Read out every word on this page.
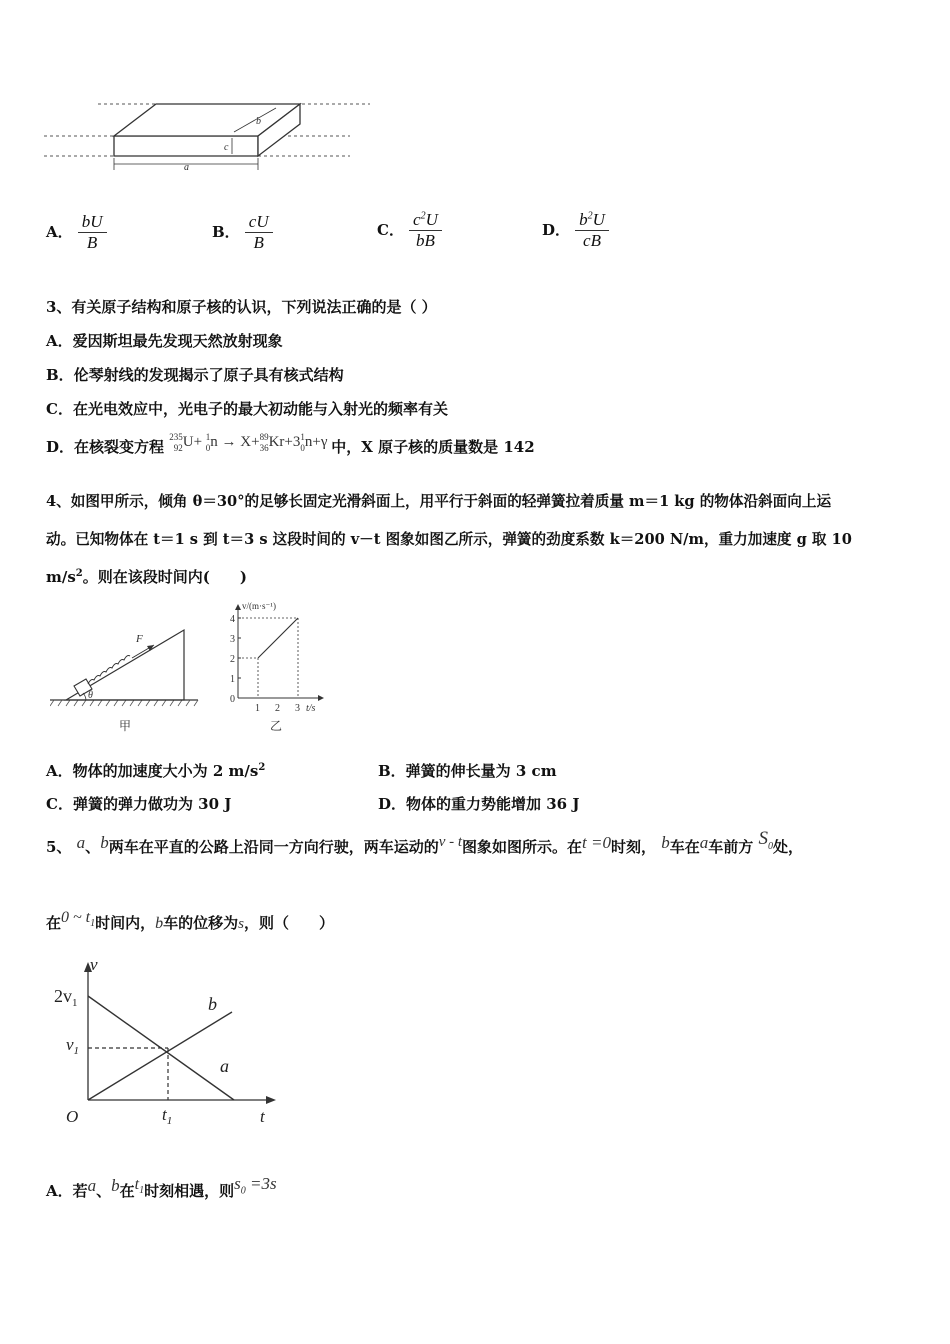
a
b
c
A． $\frac{bU}{B}$	B． $\frac{cU}{B}$	C． $\frac{c^2U}{bB}$	D． $\frac{b^2U}{cB}$
3、有关原子结构和原子核的认识，下列说法正确的是（ ）
A．爱因斯坦最先发现天然放射现象
B．伦琴射线的发现揭示了原子具有核式结构
C．在光电效应中，光电子的最大初动能与入射光的频率有关
D．在核裂变方程 235
92U+ 1
0n → X+89
36Kr+31
0n+γ 中，X 原子核的质量数是 142
4、如图甲所示，倾角 θ＝30°的足够长固定光滑斜面上，用平行于斜面的轻弹簧拉着质量 m＝1 kg 的物体沿斜面向上运
动。已知物体在 t＝1 s 到 t＝3 s 这段时间的 v－t 图象如图乙所示，弹簧的劲度系数 k＝200 N/m，重力加速度 g 取 10
$m/s^2$。则在该段时间内(　　)
F
θ
甲
v/(m·s⁻¹)
0
1
2
3
4
1 2 3 t/s
乙
A．物体的加速度大小为 2 $m/s^2$	B．弹簧的伸长量为 3 cm
C．弹簧的弹力做功为 30 J	D．物体的重力势能增加 36 J
5、 a、b两车在平直的公路上沿同一方向行驶，两车运动的v - t图象如图所示。在t =0时刻， b车在a车前方 $S_0$处，
在0 ~ $t_1$时间内，b车的位移为s，则（　　）
v
t
O
$2v_1$
$v_1$
$t_1$
b
a
A．若a、b在$t_1$时刻相遇，则$s_0 =3s$
